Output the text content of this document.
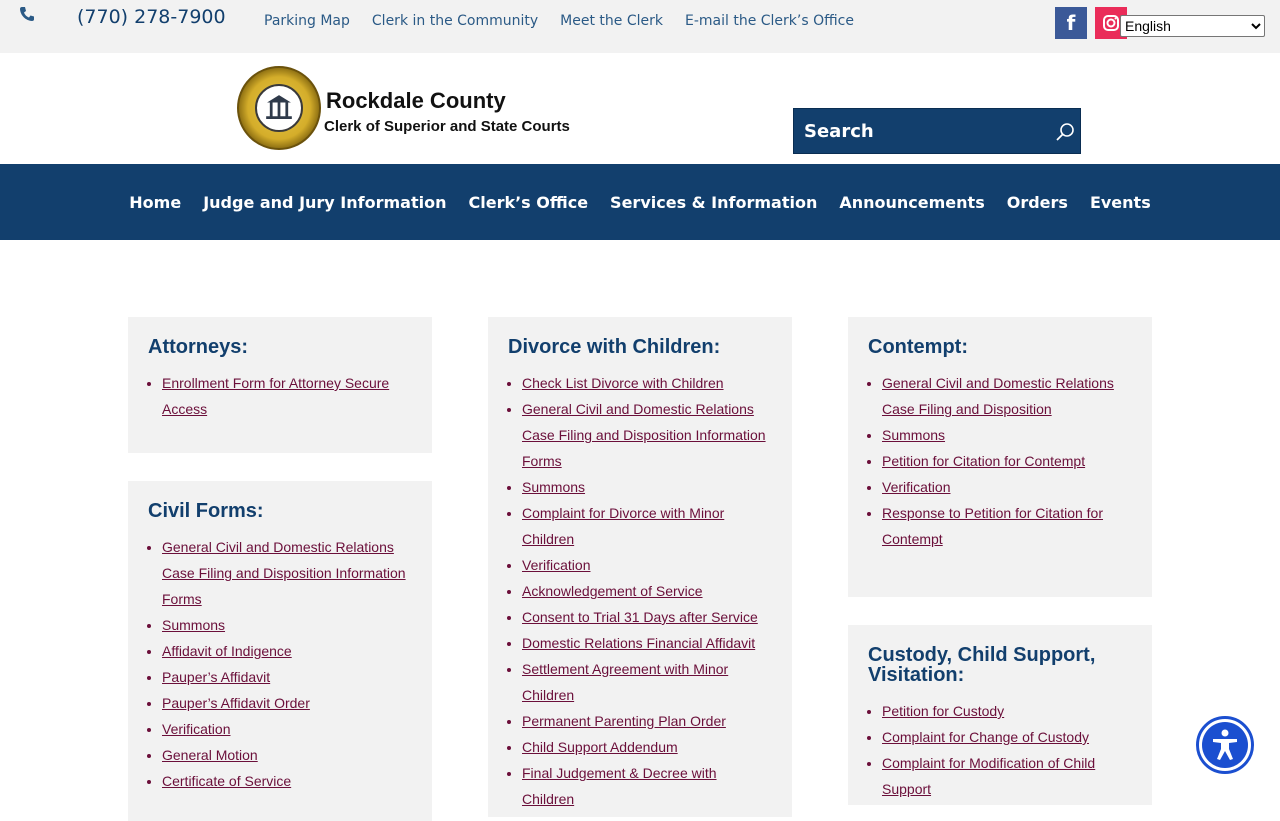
(770) 278-7900	Parking Map Clerk in the Community Meet the Clerk E-mail the Clerk’s Office	f
English
Rockdale County
Clerk of Superior and State Courts
Search
Home Judge and Jury Information Clerk’s Office Services & Information Announcements Orders Events
Attorneys:
• Enrollment Form for Attorney Secure Access
Civil Forms:
• General Civil and Domestic Relations Case Filing and Disposition Information Forms
• Summons
• Affidavit of Indigence
• Pauper’s Affidavit
• Pauper’s Affidavit Order
• Verification
• General Motion
• Certificate of Service
Divorce with Children:
• Check List Divorce with Children
• General Civil and Domestic Relations Case Filing and Disposition Information Forms
• Summons
• Complaint for Divorce with Minor Children
• Verification
• Acknowledgement of Service
• Consent to Trial 31 Days after Service
• Domestic Relations Financial Affidavit
• Settlement Agreement with Minor Children
• Permanent Parenting Plan Order
• Child Support Addendum
• Final Judgement & Decree with Children
Contempt:
• General Civil and Domestic Relations Case Filing and Disposition
• Summons
• Petition for Citation for Contempt
• Verification
• Response to Petition for Citation for Contempt
Custody, Child Support, Visitation:
• Petition for Custody
• Complaint for Change of Custody
• Complaint for Modification of Child Support
